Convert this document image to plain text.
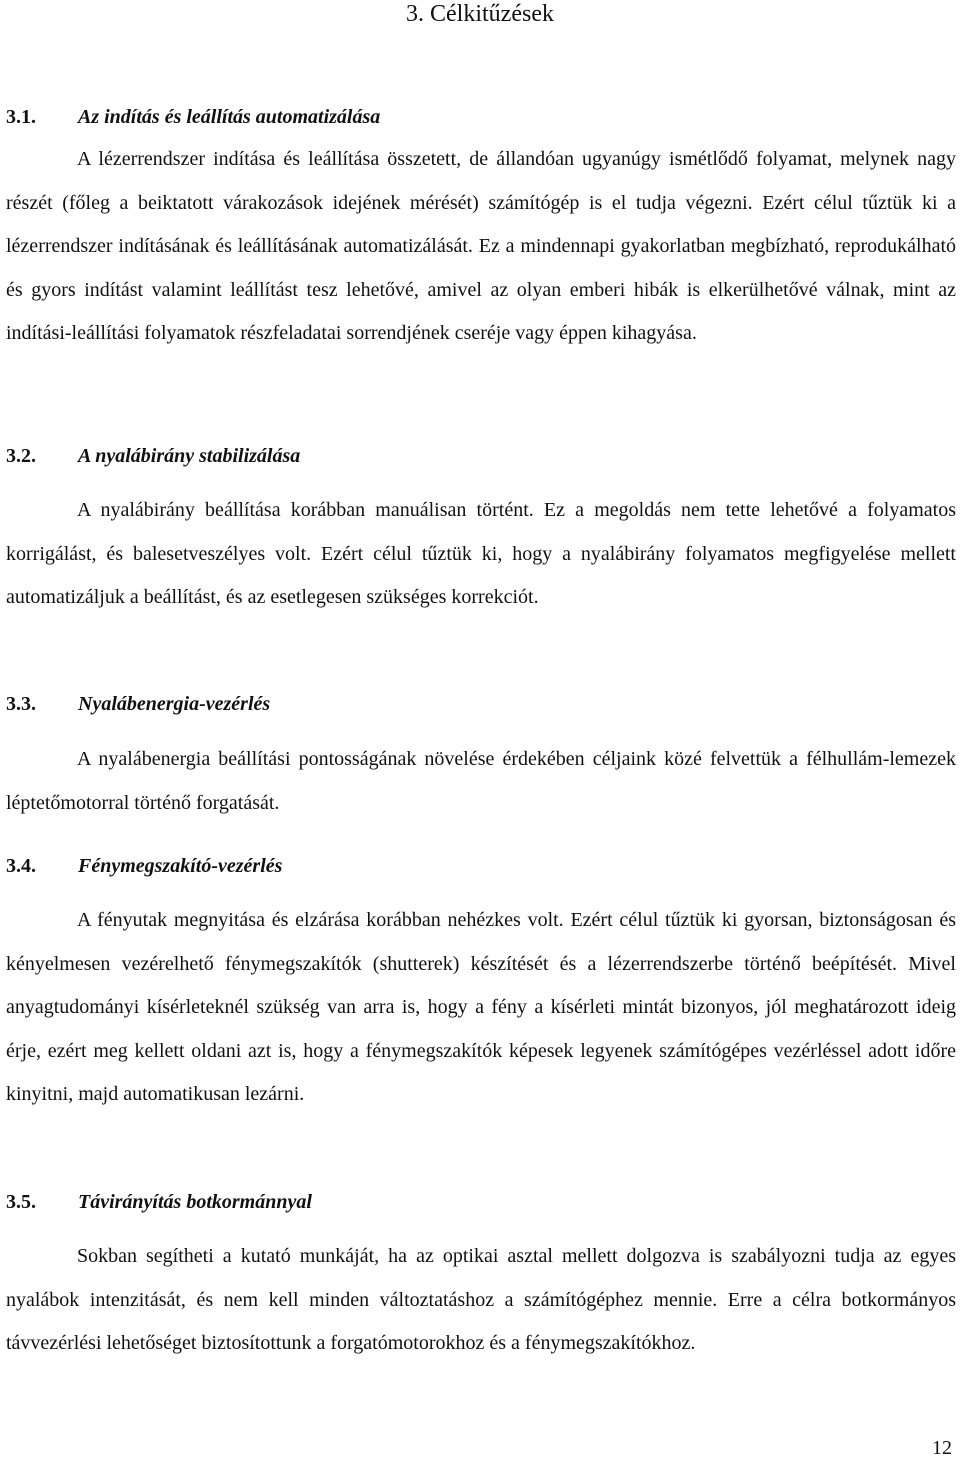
3. Célkitűzések
3.1. Az indítás és leállítás automatizálása

A lézerrendszer indítása és leállítása összetett, de állandóan ugyanúgy ismétlődő folyamat, melynek nagy részét (főleg a beiktatott várakozások idejének mérését) számítógép is el tudja végezni. Ezért célul tűztük ki a lézerrendszer indításának és leállításának automatizálását. Ez a mindennapi gyakorlatban megbízható, reprodukálható és gyors indítást valamint leállítást tesz lehetővé, amivel az olyan emberi hibák is elkerülhetővé válnak, mint az indítási-leállítási folyamatok részfeladatai sorrendjének cseréje vagy éppen kihagyása.

3.2. A nyalábirány stabilizálása

A nyalábirány beállítása korábban manuálisan történt. Ez a megoldás nem tette lehetővé a folyamatos korrigálást, és balesetveszélyes volt. Ezért célul tűztük ki, hogy a nyalábirány folyamatos megfigyelése mellett automatizáljuk a beállítást, és az esetlegesen szükséges korrekciót.

3.3. Nyalábenergia-vezérlés

A nyalábenergia beállítási pontosságának növelése érdekében céljaink közé felvettük a félhullám-lemezek léptetőmotorral történő forgatását.

3.4. Fénymegszakító-vezérlés

A fényutak megnyitása és elzárása korábban nehézkes volt. Ezért célul tűztük ki gyorsan, biztonságosan és kényelmesen vezérelhető fénymegszakítók (shutterek) készítését és a lézerrendszerbe történő beépítését. Mivel anyagtudományi kísérleteknél szükség van arra is, hogy a fény a kísérleti mintát bizonyos, jól meghatározott ideig érje, ezért meg kellett oldani azt is, hogy a fénymegszakítók képesek legyenek számítógépes vezérléssel adott időre kinyitni, majd automatikusan lezárni.

3.5. Távirányítás botkormánnyal

Sokban segítheti a kutató munkáját, ha az optikai asztal mellett dolgozva is szabályozni tudja az egyes nyalábok intenzitását, és nem kell minden változtatáshoz a számítógéphez mennie. Erre a célra botkormányos távvezérlési lehetőséget biztosítottunk a forgatómotorokhoz és a fénymegszakítókhoz.

12
